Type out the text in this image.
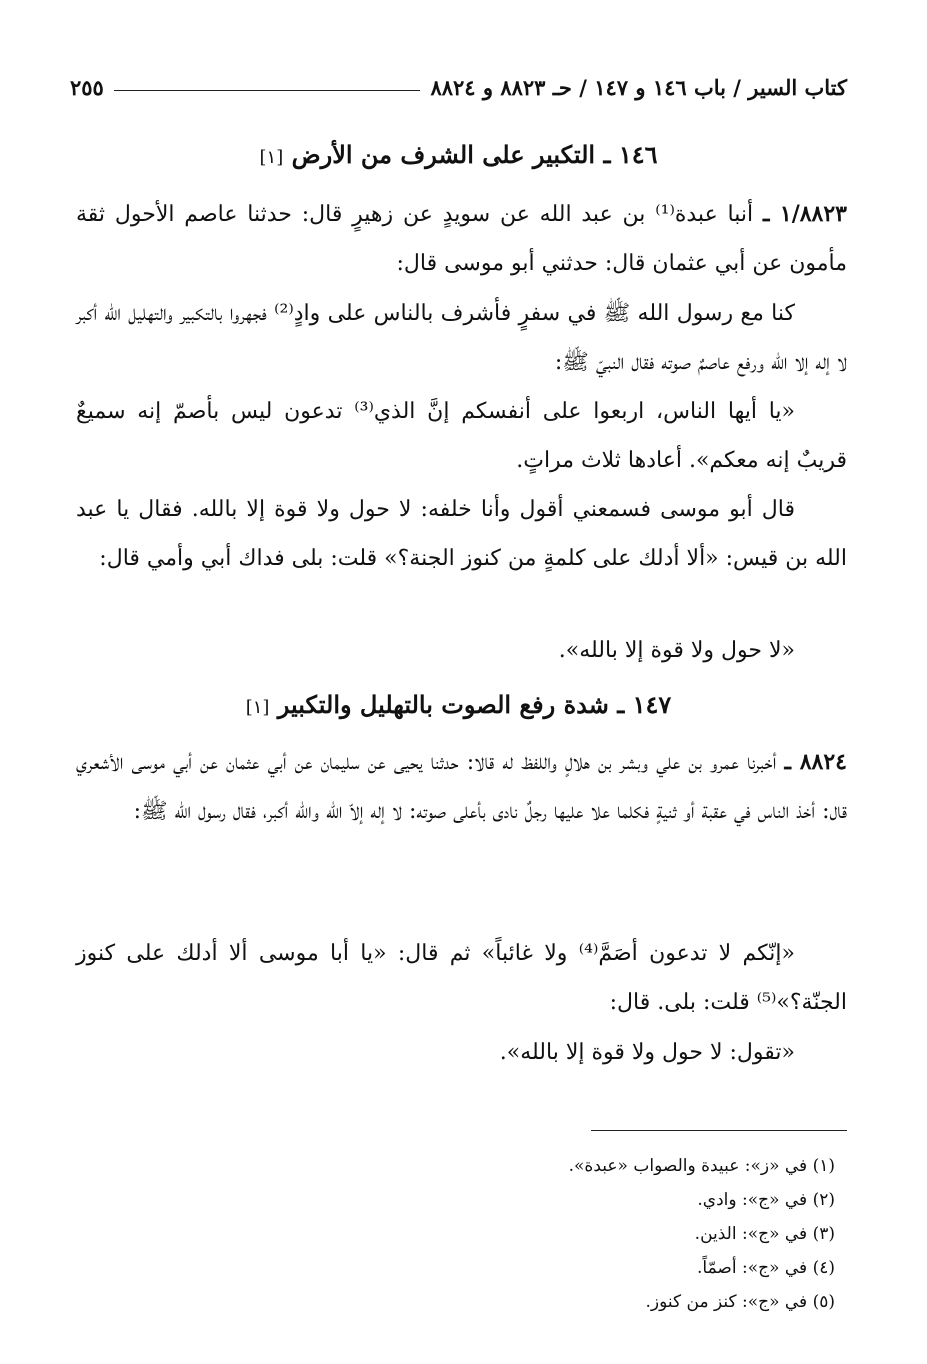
كتاب السير / باب ١٤٦ و ١٤٧ / حـ ٨٨٢٣ و ٨٨٢٤
٢٥٥
١٤٦ ـ التكبير على الشرف من الأرض [١]

١/٨٨٢٣ ـ أنبا عبدة⁽¹⁾ بن عبد الله عن سويدٍ عن زهيرٍ قال: حدثنا عاصم الأحول ثقة مأمون عن أبي عثمان قال: حدثني أبو موسى قال:

كنا مع رسول الله ﷺ في سفرٍ فأشرف بالناس على وادٍ⁽²⁾ فجهروا بالتكبير والتهليل الله أكبر لا إله إلا الله ورفع عاصمٌ صوته فقال النبيّ ﷺ:

«يا أيها الناس، اربعوا على أنفسكم إنَّ الذي⁽³⁾ تدعون ليس بأصمّ إنه سميعٌ قريبٌ إنه معكم». أعادها ثلاث مراتٍ.

قال أبو موسى فسمعني أقول وأنا خلفه: لا حول ولا قوة إلا بالله. فقال يا عبد الله بن قيس: «ألا أدلك على كلمةٍ من كنوز الجنة؟» قلت: بلى فداك أبي وأمي قال:

«لا حول ولا قوة إلا بالله».

١٤٧ ـ شدة رفع الصوت بالتهليل والتكبير [١]

٨٨٢٤ ـ أخبرنا عمرو بن علي وبشر بن هلالٍ واللفظ له قالا: حدثنا يحيى عن سليمان عن أبي عثمان عن أبي موسى الأشعري قال: أخذ الناس في عقبة أو ثنيةٍ فكلما علا عليها رجلٌ نادى بأعلى صوته: لا إله إلاّ الله والله أكبر، فقال رسول الله ﷺ:

«إنّكم لا تدعون أصَمَّ⁽⁴⁾ ولا غائباً» ثم قال: «يا أبا موسى ألا أدلك على كنوز الجنّة؟»⁽⁵⁾ قلت: بلى. قال:

«تقول: لا حول ولا قوة إلا بالله».

(١) في «ز»: عبيدة والصواب «عبدة».
(٢) في «ج»: وادي.
(٣) في «ج»: الذين.
(٤) في «ج»: أصمّاً.
(٥) في «ج»: كنز من كنوز.
